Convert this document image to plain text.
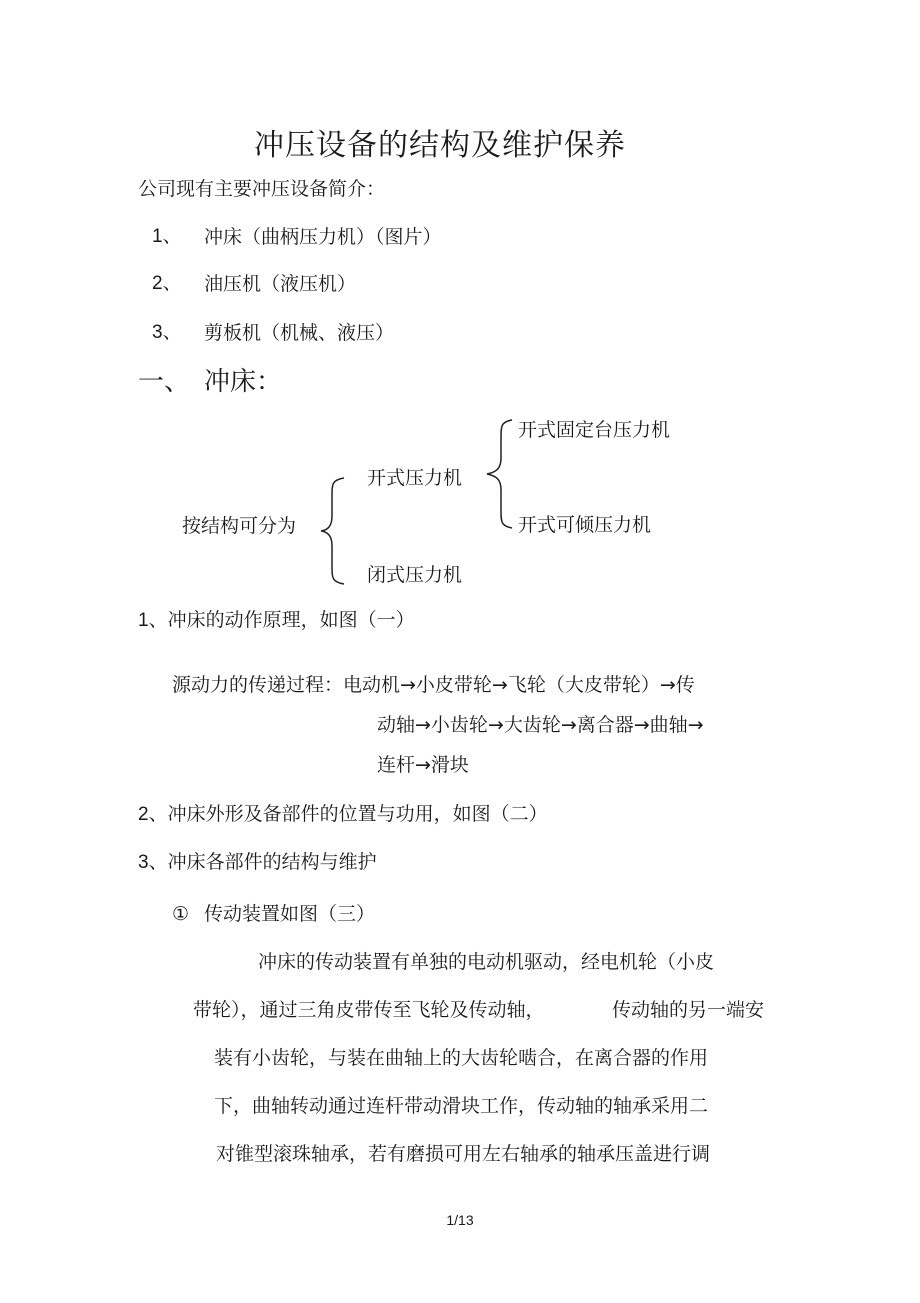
冲压设备的结构及维护保养
公司现有主要冲压设备简介：
1、 冲床（曲柄压力机）（图片）
2、 油压机（液压机）
3、 剪板机（机械、液压）
一、 冲床：
按结构可分为
开式压力机
闭式压力机
开式固定台压力机
开式可倾压力机
1、冲床的动作原理，如图（一）
源动力的传递过程：电动机→小皮带轮→飞轮（大皮带轮）→传
动轴→小齿轮→大齿轮→离合器→曲轴→
连杆→滑块
2、冲床外形及备部件的位置与功用，如图（二）
3、冲床各部件的结构与维护
① 传动装置如图（三）
冲床的传动装置有单独的电动机驱动，经电机轮（小皮
带轮），通过三角皮带传至飞轮及传动轴，	传动轴的另一端安
装有小齿轮，与装在曲轴上的大齿轮啮合，在离合器的作用
下，曲轴转动通过连杆带动滑块工作，传动轴的轴承采用二
对锥型滚珠轴承，若有磨损可用左右轴承的轴承压盖进行调
1/13
